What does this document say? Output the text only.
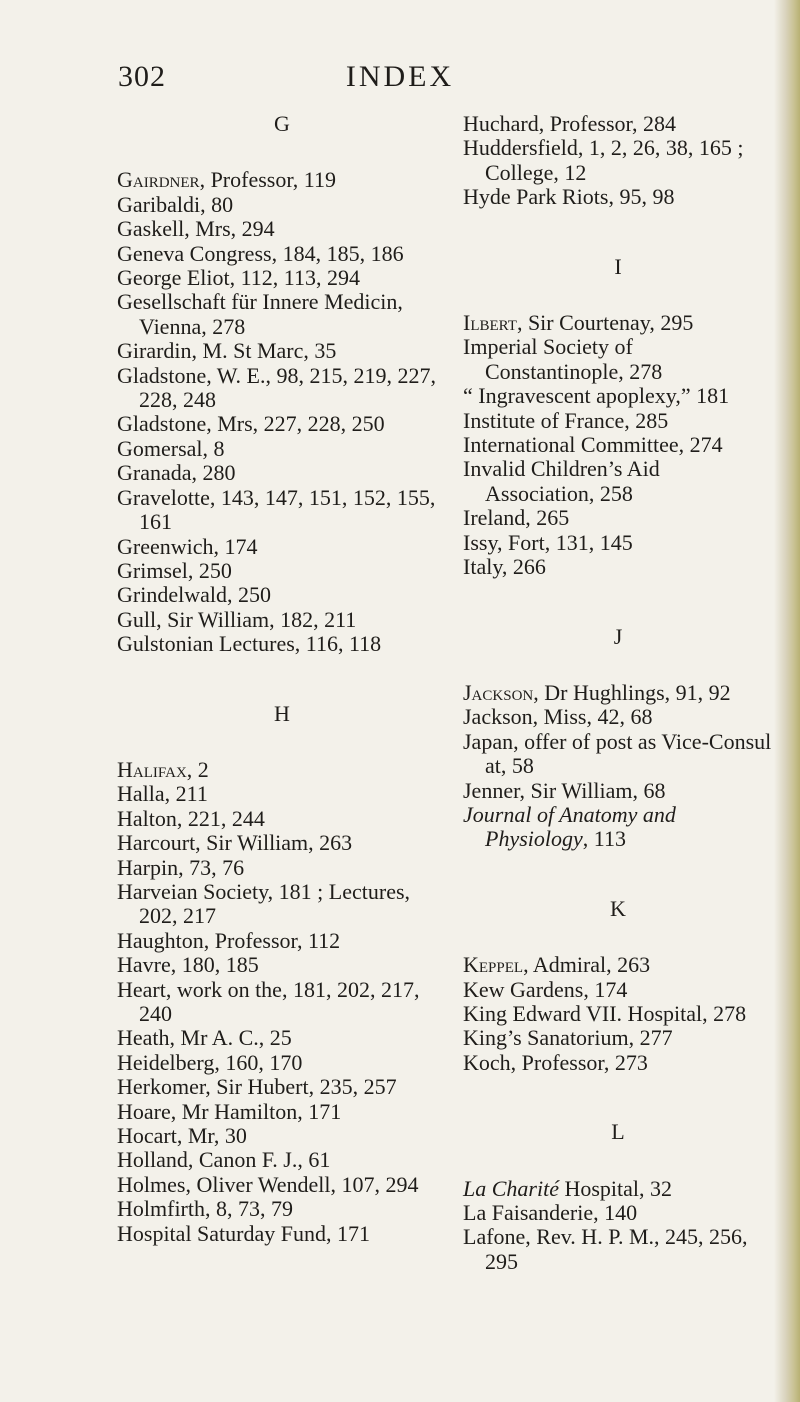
302	INDEX

G

Gairdner, Professor, 119

Garibaldi, 80

Gaskell, Mrs, 294

Geneva Congress, 184, 185, 186

George Eliot, 112, 113, 294

Gesellschaft für Innere Medicin, Vienna, 278

Girardin, M. St Marc, 35

Gladstone, W. E., 98, 215, 219, 227, 228, 248

Gladstone, Mrs, 227, 228, 250

Gomersal, 8

Granada, 280

Gravelotte, 143, 147, 151, 152, 155, 161

Greenwich, 174

Grimsel, 250

Grindelwald, 250

Gull, Sir William, 182, 211

Gulstonian Lectures, 116, 118

H

Halifax, 2

Halla, 211

Halton, 221, 244

Harcourt, Sir William, 263

Harpin, 73, 76

Harveian Society, 181 ; Lectures, 202, 217

Haughton, Professor, 112

Havre, 180, 185

Heart, work on the, 181, 202, 217, 240

Heath, Mr A. C., 25

Heidelberg, 160, 170

Herkomer, Sir Hubert, 235, 257

Hoare, Mr Hamilton, 171

Hocart, Mr, 30

Holland, Canon F. J., 61

Holmes, Oliver Wendell, 107, 294

Holmfirth, 8, 73, 79

Hospital Saturday Fund, 171

Huchard, Professor, 284

Huddersfield, 1, 2, 26, 38, 165 ; College, 12

Hyde Park Riots, 95, 98

I

Ilbert, Sir Courtenay, 295

Imperial Society of Constantinople, 278

“ Ingravescent apoplexy,” 181

Institute of France, 285

International Committee, 274

Invalid Children’s Aid Association, 258

Ireland, 265

Issy, Fort, 131, 145

Italy, 266

J

Jackson, Dr Hughlings, 91, 92

Jackson, Miss, 42, 68

Japan, offer of post as Vice-Consul at, 58

Jenner, Sir William, 68

Journal of Anatomy and Physiology, 113

K

Keppel, Admiral, 263

Kew Gardens, 174

King Edward VII. Hospital, 278

King’s Sanatorium, 277

Koch, Professor, 273

L

La Charité Hospital, 32

La Faisanderie, 140

Lafone, Rev. H. P. M., 245, 256, 295
